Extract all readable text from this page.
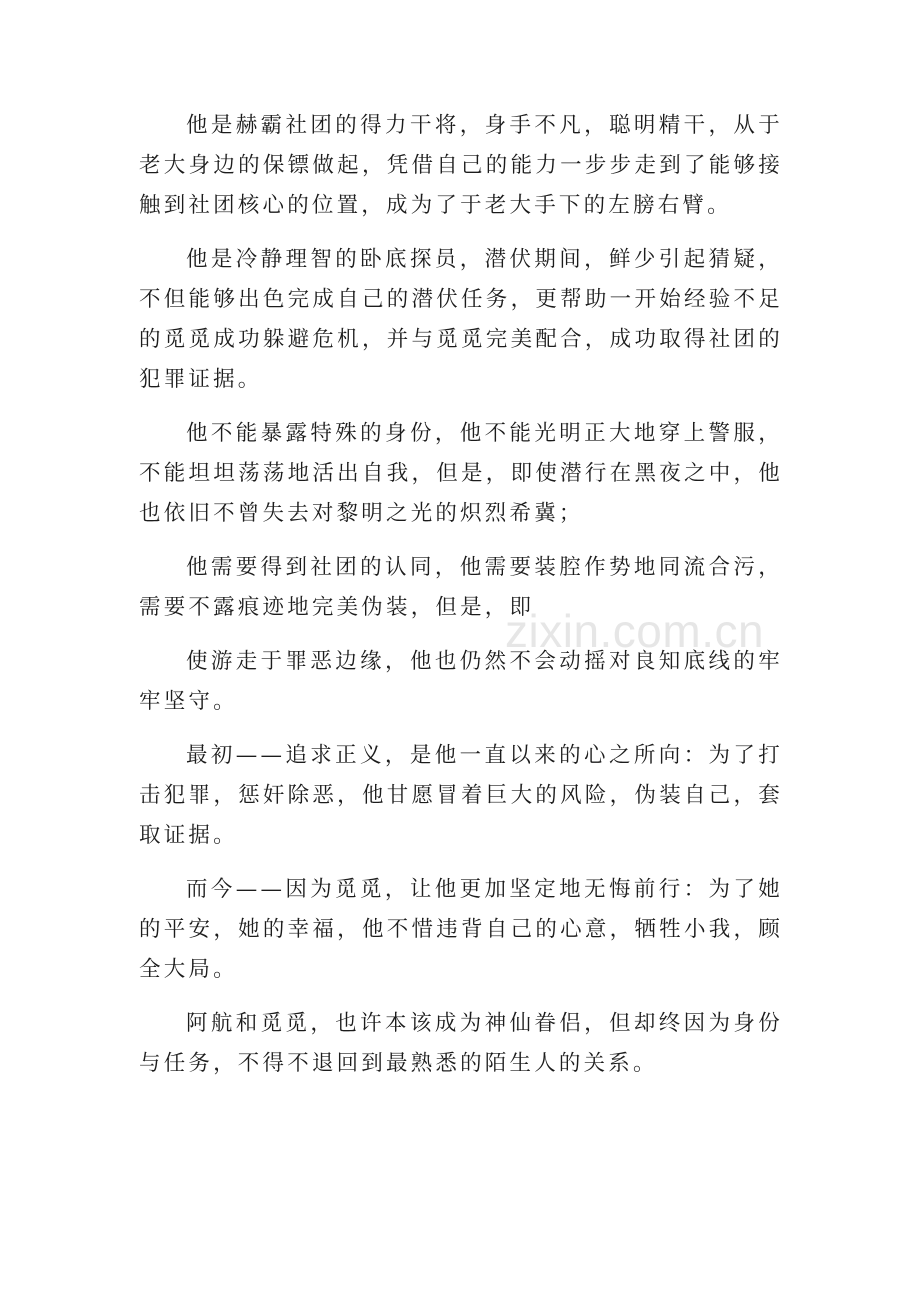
他是赫霸社团的得力干将，身手不凡，聪明精干，从于老大身边的保镖做起，凭借自己的能力一步步走到了能够接触到社团核心的位置，成为了于老大手下的左膀右臂。

他是冷静理智的卧底探员，潜伏期间，鲜少引起猜疑，不但能够出色完成自己的潜伏任务，更帮助一开始经验不足的觅觅成功躲避危机，并与觅觅完美配合，成功取得社团的犯罪证据。

他不能暴露特殊的身份，他不能光明正大地穿上警服，不能坦坦荡荡地活出自我，但是，即使潜行在黑夜之中，他也依旧不曾失去对黎明之光的炽烈希冀；

他需要得到社团的认同，他需要装腔作势地同流合污，需要不露痕迹地完美伪装，但是，即

使游走于罪恶边缘，他也仍然不会动摇对良知底线的牢牢坚守。

最初——追求正义，是他一直以来的心之所向：为了打击犯罪，惩奸除恶，他甘愿冒着巨大的风险，伪装自己，套取证据。

而今——因为觅觅，让他更加坚定地无悔前行：为了她的平安，她的幸福，他不惜违背自己的心意，牺牲小我，顾全大局。

阿航和觅觅，也许本该成为神仙眷侣，但却终因为身份与任务，不得不退回到最熟悉的陌生人的关系。

zixin.com.cn
